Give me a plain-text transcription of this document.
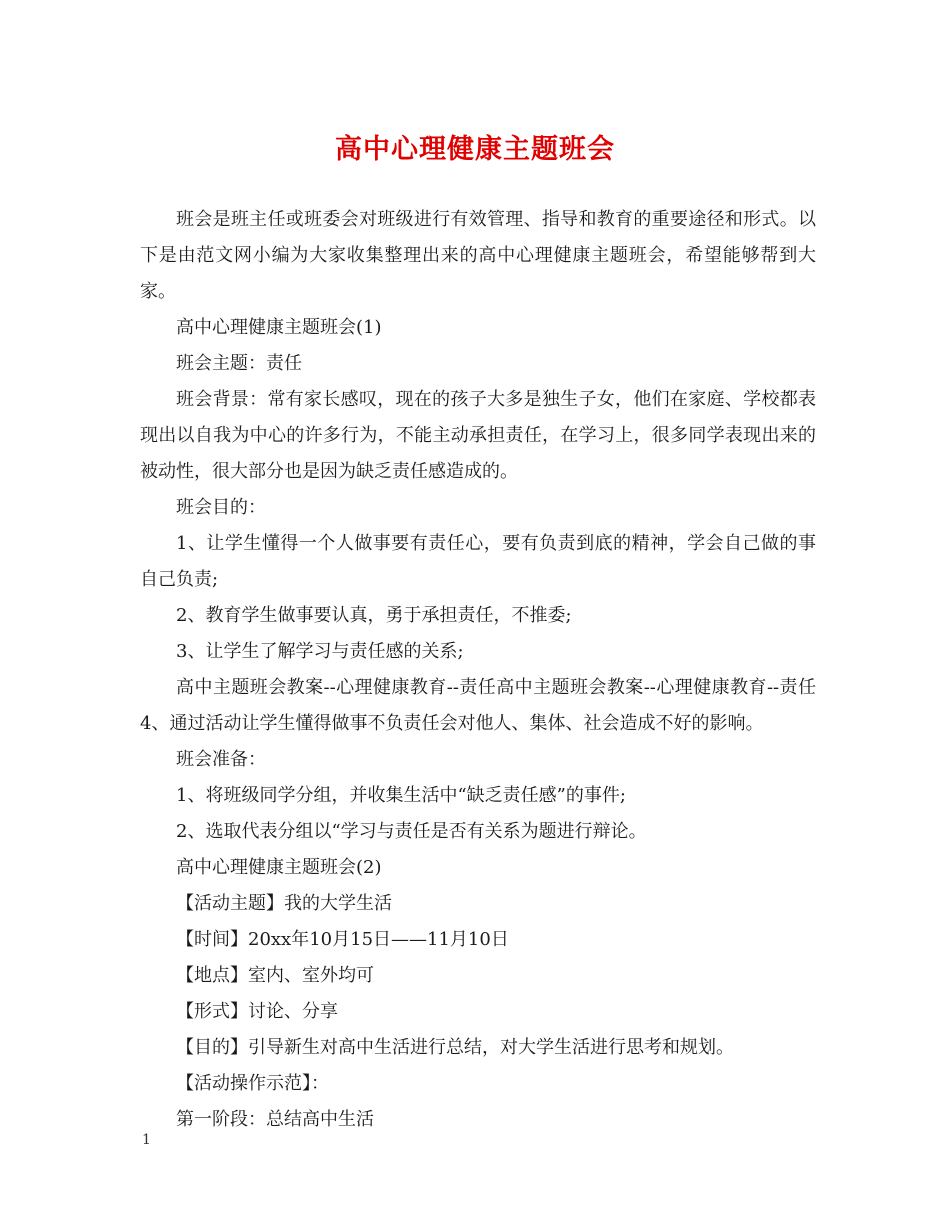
高中心理健康主题班会

班会是班主任或班委会对班级进行有效管理、指导和教育的重要途径和形式。以下是由范文网小编为大家收集整理出来的高中心理健康主题班会，希望能够帮到大家。

高中心理健康主题班会(1)

班会主题：责任

班会背景：常有家长感叹，现在的孩子大多是独生子女，他们在家庭、学校都表现出以自我为中心的许多行为，不能主动承担责任，在学习上，很多同学表现出来的被动性，很大部分也是因为缺乏责任感造成的。

班会目的：

1、让学生懂得一个人做事要有责任心，要有负责到底的精神，学会自己做的事自己负责;

2、教育学生做事要认真，勇于承担责任，不推委;

3、让学生了解学习与责任感的关系;

高中主题班会教案--心理健康教育--责任高中主题班会教案--心理健康教育--责任4、通过活动让学生懂得做事不负责任会对他人、集体、社会造成不好的影响。

班会准备：

1、将班级同学分组，并收集生活中“缺乏责任感”的事件;

2、选取代表分组以“学习与责任是否有关系为题进行辩论。

高中心理健康主题班会(2)

【活动主题】我的大学生活

【时间】20xx年10月15日——11月10日

【地点】室内、室外均可

【形式】讨论、分享

【目的】引导新生对高中生活进行总结，对大学生活进行思考和规划。

【活动操作示范】：

第一阶段：总结高中生活

1
